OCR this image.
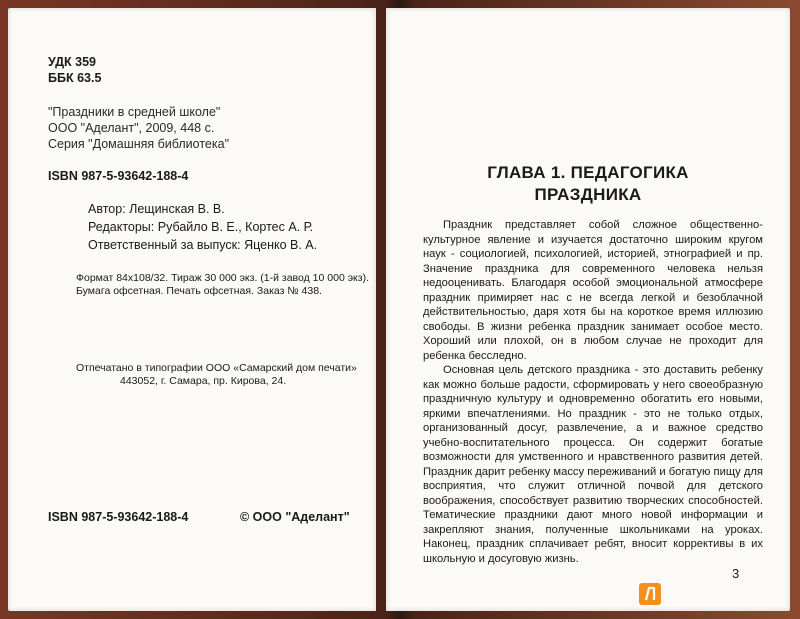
УДК 359
ББК 63.5
"Праздники в средней школе"
ООО "Аделант", 2009, 448 с.
Серия "Домашняя библиотека"
ISBN 987-5-93642-188-4
Автор: Лещинская В. В.
Редакторы: Рубайло В. Е., Кортес А. Р.
Ответственный за выпуск: Яценко В. А.
Формат 84х108/32. Тираж 30 000 экз. (1-й завод 10 000 экз).
Бумага офсетная. Печать офсетная. Заказ № 438.
Отпечатано в типографии ООО «Самарский дом печати»
443052, г. Самара, пр. Кирова, 24.
ISBN 987-5-93642-188-4	© ООО "Аделант"
ГЛАВА 1. ПЕДАГОГИКА
ПРАЗДНИКА

Праздник представляет собой сложное общественно-культурное явление и изучается достаточно широким кругом наук - социологией, психологией, историей, этнографией и пр. Значение праздника для современного человека нельзя недооценивать. Благодаря особой эмоциональной атмосфере праздник примиряет нас с не всегда легкой и безоблачной действительностью, даря хотя бы на короткое время иллюзию свободы. В жизни ребенка праздник занимает особое место. Хороший или плохой, он в любом случае не проходит для ребенка бесследно.

Основная цель детского праздника - это доставить ребенку как можно больше радости, сформировать у него своеобразную праздничную культуру и одновременно обогатить его новыми, яркими впечатлениями. Но праздник - это не только отдых, организованный досуг, развлечение, а и важное средство учебно-воспитательного процесса. Он содержит богатые возможности для умственного и нравственного развития детей. Праздник дарит ребенку массу переживаний и богатую пищу для восприятия, что служит отличной почвой для детского воображения, способствует развитию творческих способностей. Тематические праздники дают много новой информации и закрепляют знания, полученные школьниками на уроках. Наконец, праздник сплачивает ребят, вносит коррективы в их школьную и досуговую жизнь.

3
